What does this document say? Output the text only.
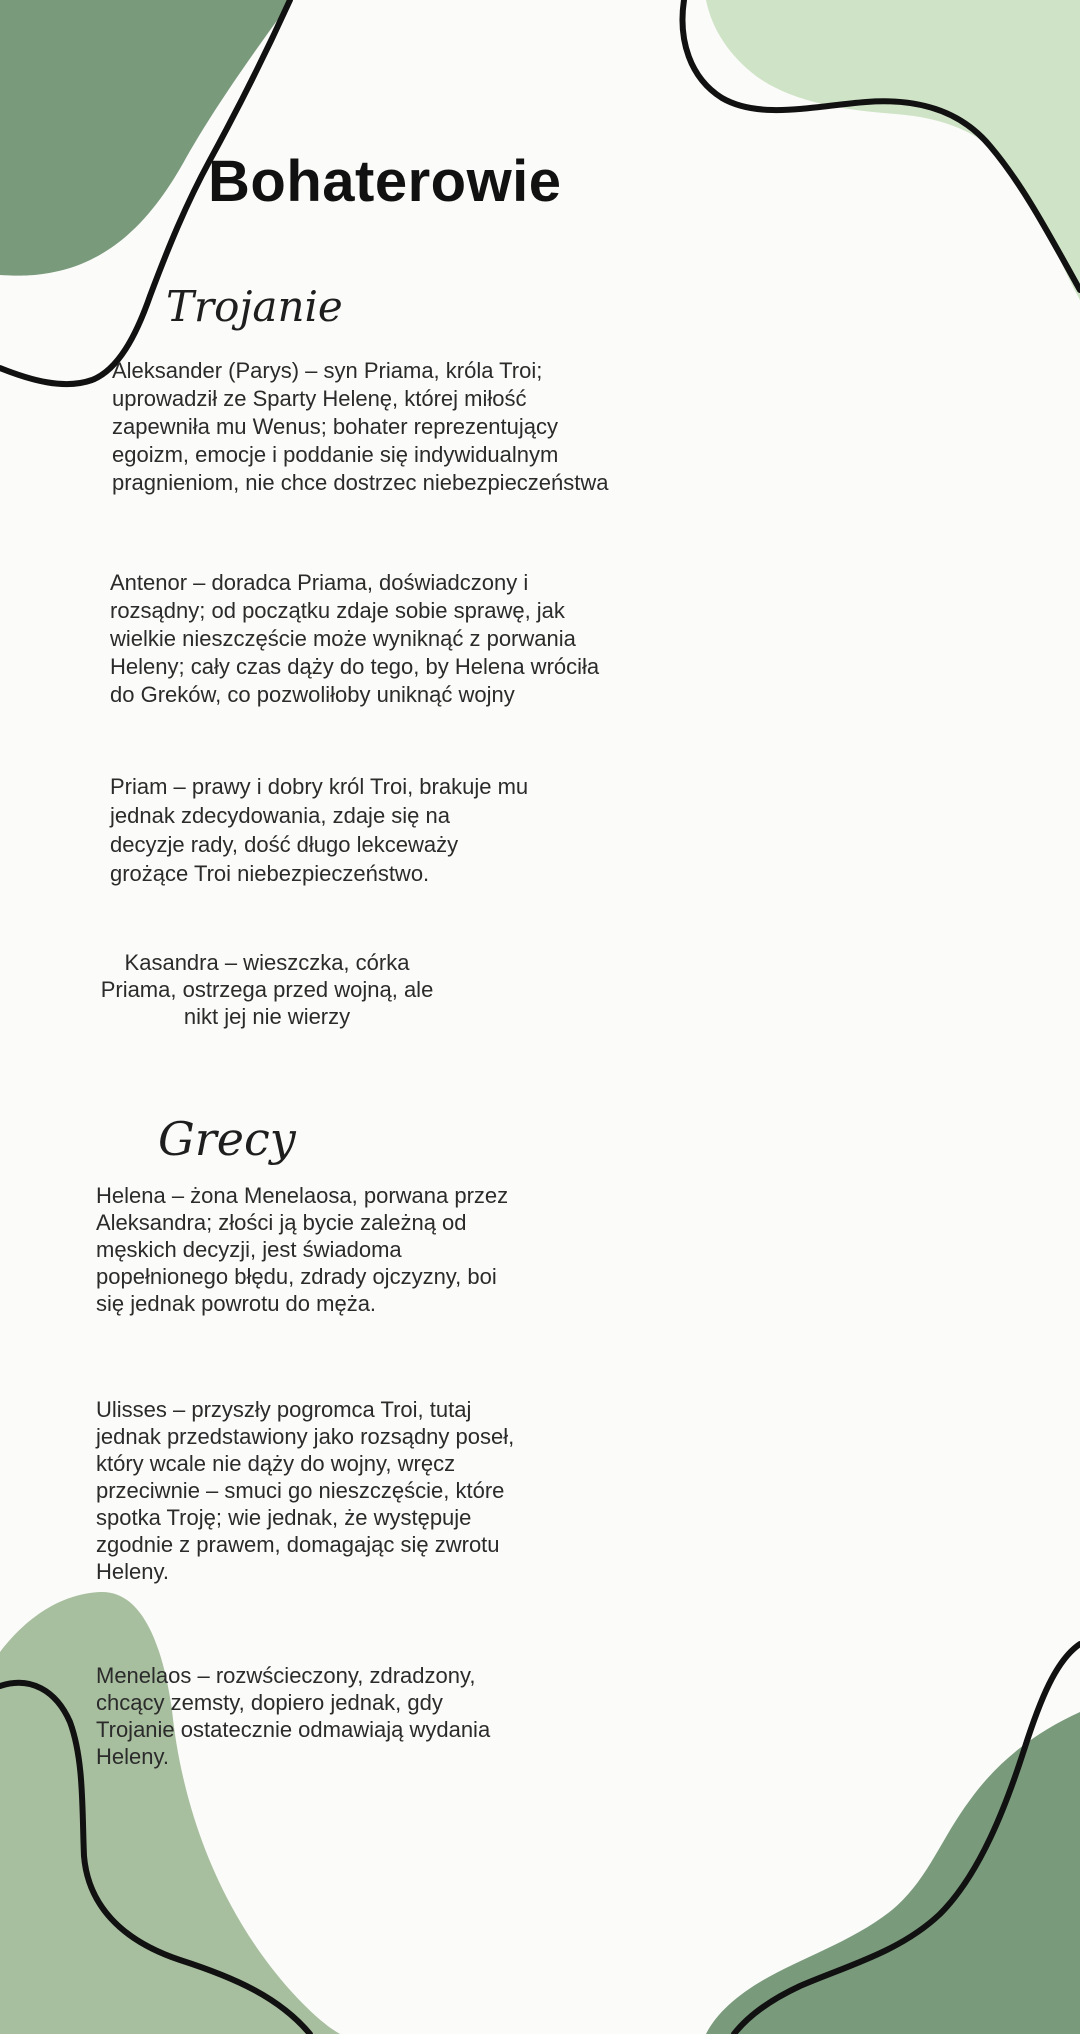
Bohaterowie
Trojanie

Aleksander (Parys) – syn Priama, króla Troi; uprowadził ze Sparty Helenę, której miłość zapewniła mu Wenus; bohater reprezentujący egoizm, emocje i poddanie się indywidualnym pragnieniom, nie chce dostrzec niebezpieczeństwa

Antenor – doradca Priama, doświadczony i rozsądny; od początku zdaje sobie sprawę, jak wielkie nieszczęście może wyniknąć z porwania Heleny; cały czas dąży do tego, by Helena wróciła do Greków, co pozwoliłoby uniknąć wojny

Priam – prawy i dobry król Troi, brakuje mu jednak zdecydowania, zdaje się na decyzje rady, dość długo lekceważy grożące Troi niebezpieczeństwo.

Kasandra – wieszczka, córka Priama, ostrzega przed wojną, ale nikt jej nie wierzy

Grecy

Helena – żona Menelaosa, porwana przez Aleksandra; złości ją bycie zależną od męskich decyzji, jest świadoma popełnionego błędu, zdrady ojczyzny, boi się jednak powrotu do męża.

Ulisses – przyszły pogromca Troi, tutaj jednak przedstawiony jako rozsądny poseł, który wcale nie dąży do wojny, wręcz przeciwnie – smuci go nieszczęście, które spotka Troję; wie jednak, że występuje zgodnie z prawem, domagając się zwrotu Heleny.

Menelaos – rozwścieczony, zdradzony, chcący zemsty, dopiero jednak, gdy Trojanie ostatecznie odmawiają wydania Heleny.
